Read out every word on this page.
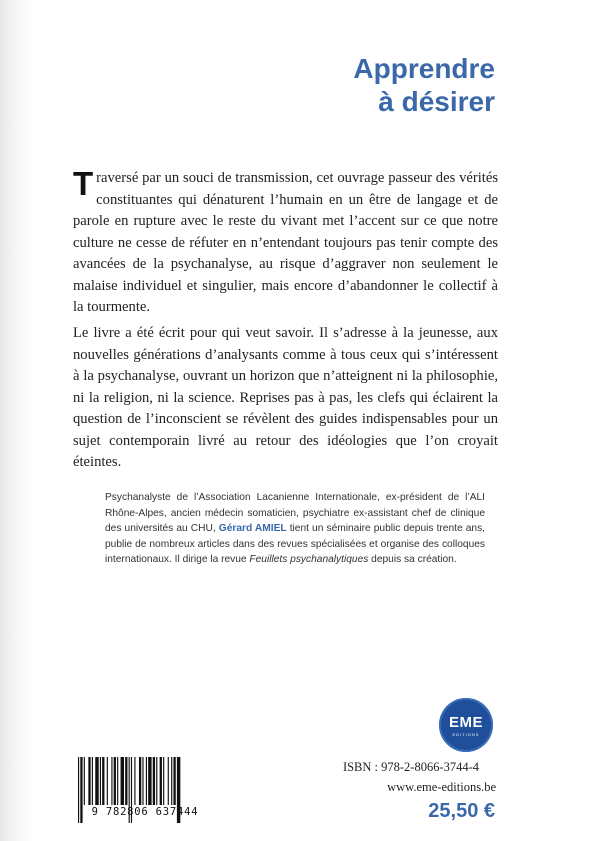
Apprendre
à désirer

Traversé par un souci de transmission, cet ouvrage passeur des vérités constituantes qui dénaturent l’humain en un être de langage et de parole en rupture avec le reste du vivant met l’accent sur ce que notre culture ne cesse de réfuter en n’entendant toujours pas tenir compte des avancées de la psychanalyse, au risque d’aggraver non seulement le malaise individuel et singulier, mais encore d’abandonner le collectif à la tourmente.

Le livre a été écrit pour qui veut savoir. Il s’adresse à la jeunesse, aux nouvelles générations d’analysants comme à tous ceux qui s’intéressent à la psychanalyse, ouvrant un horizon que n’atteignent ni la philosophie, ni la religion, ni la science. Reprises pas à pas, les clefs qui éclairent la question de l’inconscient se révèlent des guides indispensables pour un sujet contemporain livré au retour des idéologies que l’on croyait éteintes.

Psychanalyste de l’Association Lacanienne Internationale, ex-président de l’ALI Rhône-Alpes, ancien médecin somaticien, psychiatre ex-assistant chef de clinique des universités au CHU, Gérard AMIEL tient un séminaire public depuis trente ans, publie de nombreux articles dans des revues spécialisées et organise des colloques internationaux. Il dirige la revue Feuillets psychanalytiques depuis sa création.

EME
EDITIONS
ISBN : 978-2-8066-3744-4
www.eme-editions.be
25,50 €
9 782806 637444
